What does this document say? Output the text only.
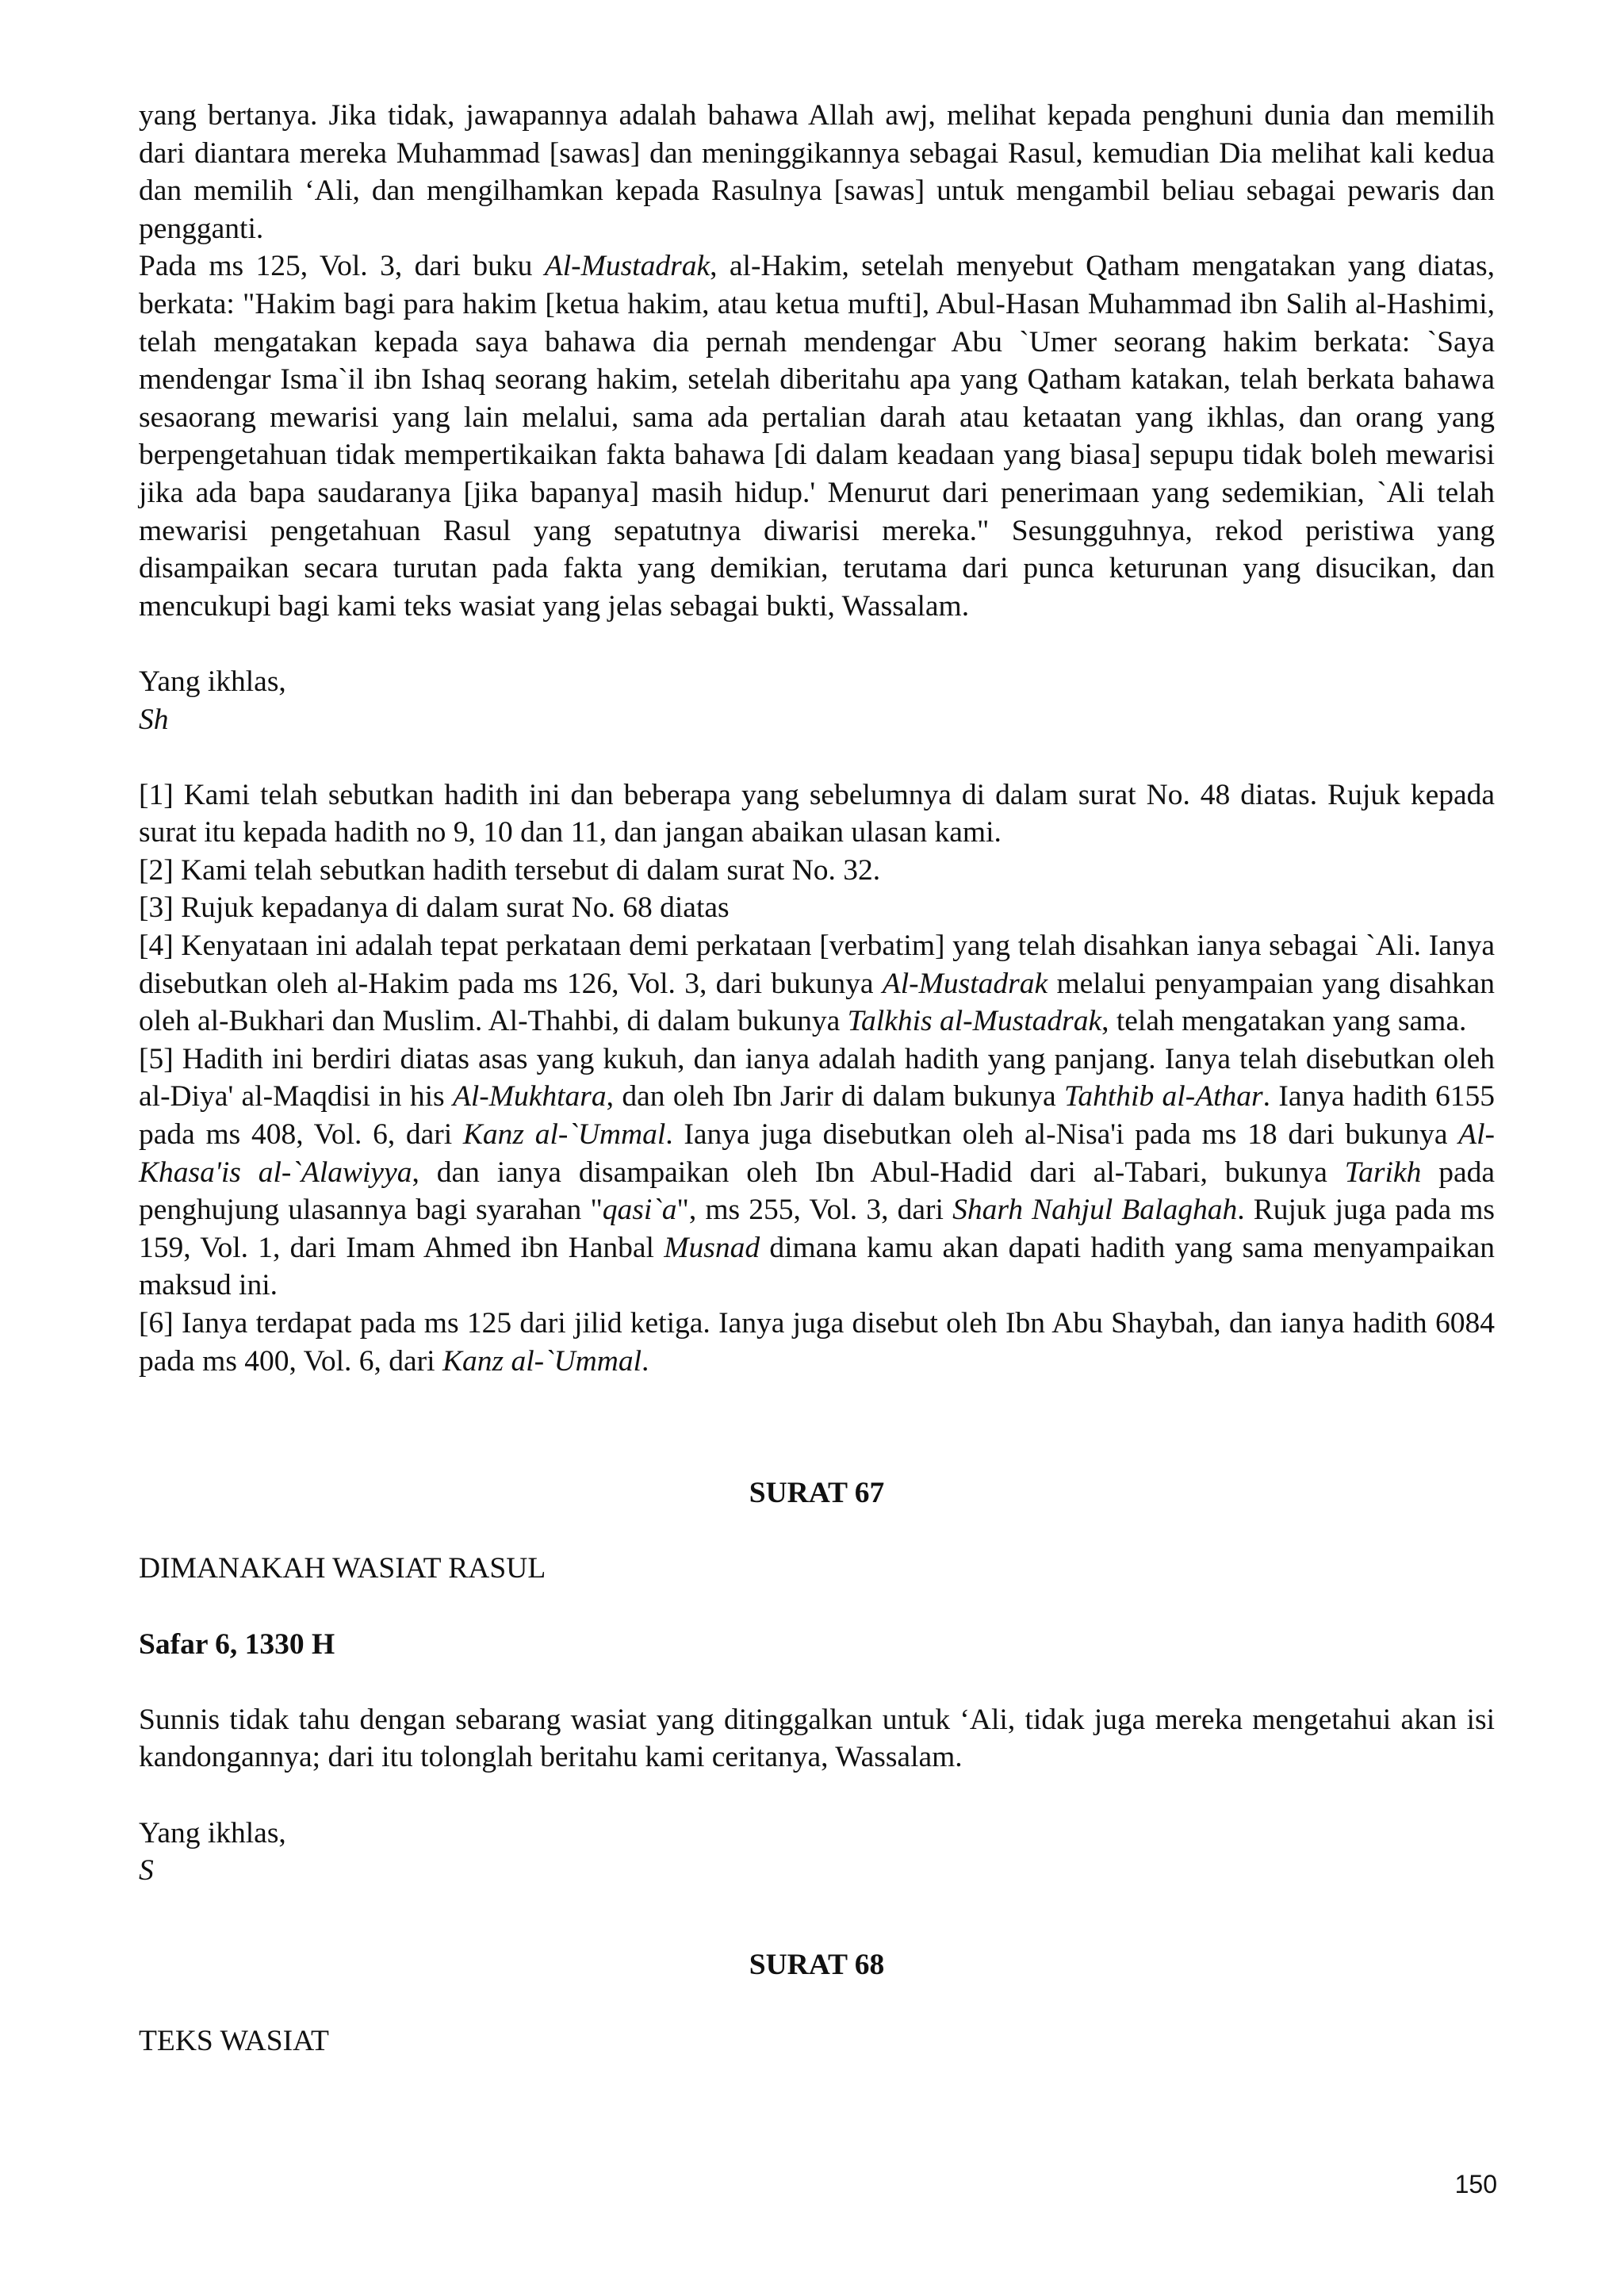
yang bertanya. Jika tidak, jawapannya adalah bahawa Allah awj, melihat kepada penghuni dunia dan memilih dari diantara mereka Muhammad [sawas] dan meninggikannya sebagai Rasul, kemudian Dia melihat kali kedua dan memilih ‘Ali, dan mengilhamkan kepada Rasulnya [sawas] untuk mengambil beliau sebagai pewaris dan pengganti.

Pada ms 125, Vol. 3, dari buku Al-Mustadrak, al-Hakim, setelah menyebut Qatham mengatakan yang diatas, berkata: "Hakim bagi para hakim [ketua hakim, atau ketua mufti], Abul-Hasan Muhammad ibn Salih al-Hashimi, telah mengatakan kepada saya bahawa dia pernah mendengar Abu `Umer seorang hakim berkata: `Saya mendengar Isma`il ibn Ishaq seorang hakim, setelah diberitahu apa yang Qatham katakan, telah berkata bahawa sesaorang mewarisi yang lain melalui, sama ada pertalian darah atau ketaatan yang ikhlas, dan orang yang berpengetahuan tidak mempertikaikan fakta bahawa [di dalam keadaan yang biasa] sepupu tidak boleh mewarisi jika ada bapa saudaranya [jika bapanya] masih hidup.' Menurut dari penerimaan yang sedemikian, `Ali telah mewarisi pengetahuan Rasul yang sepatutnya diwarisi mereka." Sesungguhnya, rekod peristiwa yang disampaikan secara turutan pada fakta yang demikian, terutama dari punca keturunan yang disucikan, dan mencukupi bagi kami teks wasiat yang jelas sebagai bukti, Wassalam.

Yang ikhlas,

Sh

[1] Kami telah sebutkan hadith ini dan beberapa yang sebelumnya di dalam surat No. 48 diatas. Rujuk kepada surat itu kepada hadith no 9, 10 dan 11, dan jangan abaikan ulasan kami.

[2] Kami telah sebutkan hadith tersebut di dalam surat No. 32.

[3] Rujuk kepadanya di dalam surat No. 68 diatas

[4] Kenyataan ini adalah tepat perkataan demi perkataan [verbatim] yang telah disahkan ianya sebagai `Ali. Ianya disebutkan oleh al-Hakim pada ms 126, Vol. 3, dari bukunya Al-Mustadrak melalui penyampaian yang disahkan oleh al-Bukhari dan Muslim. Al-Thahbi, di dalam bukunya Talkhis al-Mustadrak, telah mengatakan yang sama.

[5] Hadith ini berdiri diatas asas yang kukuh, dan ianya adalah hadith yang panjang. Ianya telah disebutkan oleh al-Diya' al-Maqdisi in his Al-Mukhtara, dan oleh Ibn Jarir di dalam bukunya Tahthib al-Athar. Ianya hadith 6155 pada ms 408, Vol. 6, dari Kanz al-`Ummal. Ianya juga disebutkan oleh al-Nisa'i pada ms 18 dari bukunya Al-Khasa'is al-`Alawiyya, dan ianya disampaikan oleh Ibn Abul-Hadid dari al-Tabari, bukunya Tarikh pada penghujung ulasannya bagi syarahan "qasi`a", ms 255, Vol. 3, dari Sharh Nahjul Balaghah. Rujuk juga pada ms 159, Vol. 1, dari Imam Ahmed ibn Hanbal Musnad dimana kamu akan dapati hadith yang sama menyampaikan maksud ini.

[6] Ianya terdapat pada ms 125 dari jilid ketiga. Ianya juga disebut oleh Ibn Abu Shaybah, dan ianya hadith 6084 pada ms 400, Vol. 6, dari Kanz al-`Ummal.

SURAT 67

DIMANAKAH WASIAT RASUL

Safar 6, 1330 H

Sunnis tidak tahu dengan sebarang wasiat yang ditinggalkan untuk ‘Ali, tidak juga mereka mengetahui akan isi kandongannya; dari itu tolonglah beritahu kami ceritanya, Wassalam.

Yang ikhlas,

S

SURAT 68

TEKS WASIAT

150
